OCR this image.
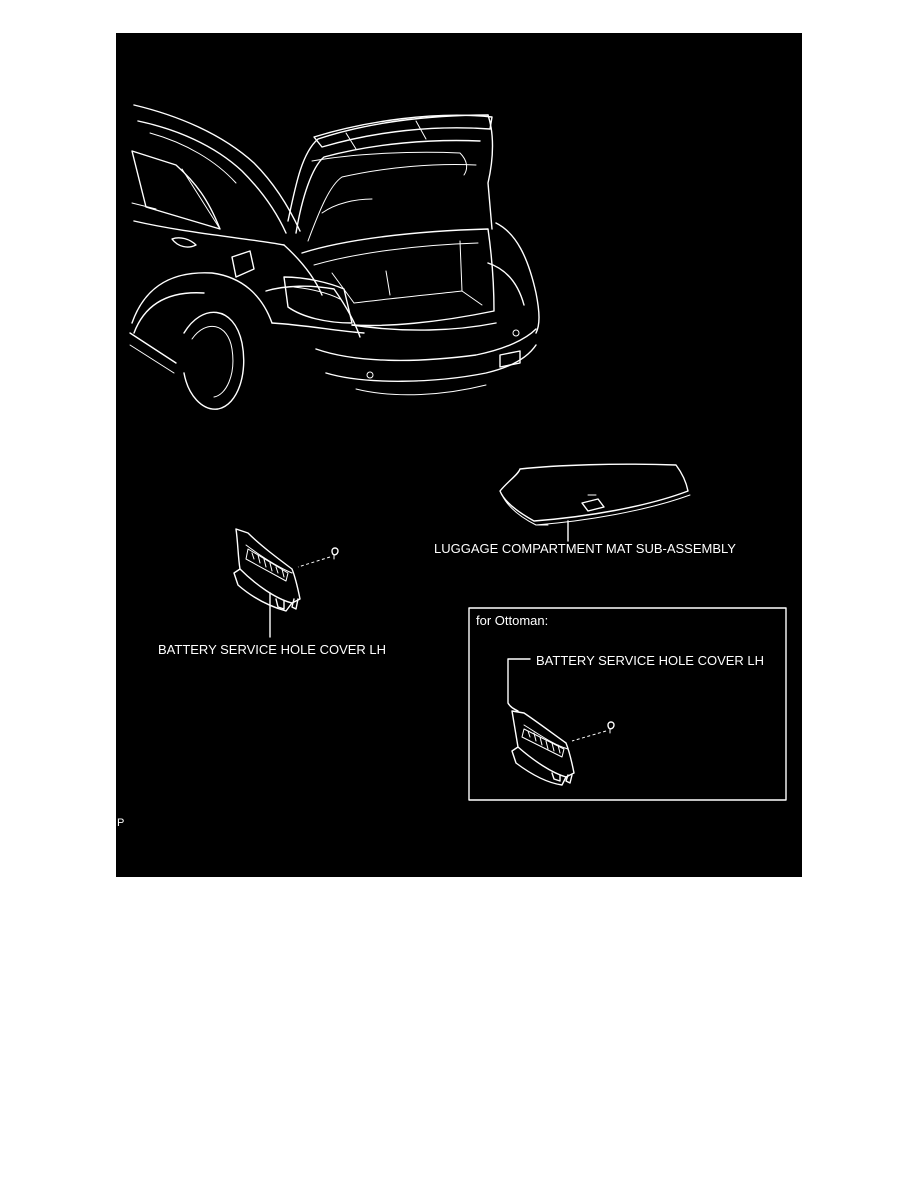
LUGGAGE COMPARTMENT MAT SUB-ASSEMBLY
BATTERY SERVICE HOLE COVER LH
for Ottoman:
BATTERY SERVICE HOLE COVER LH
P
